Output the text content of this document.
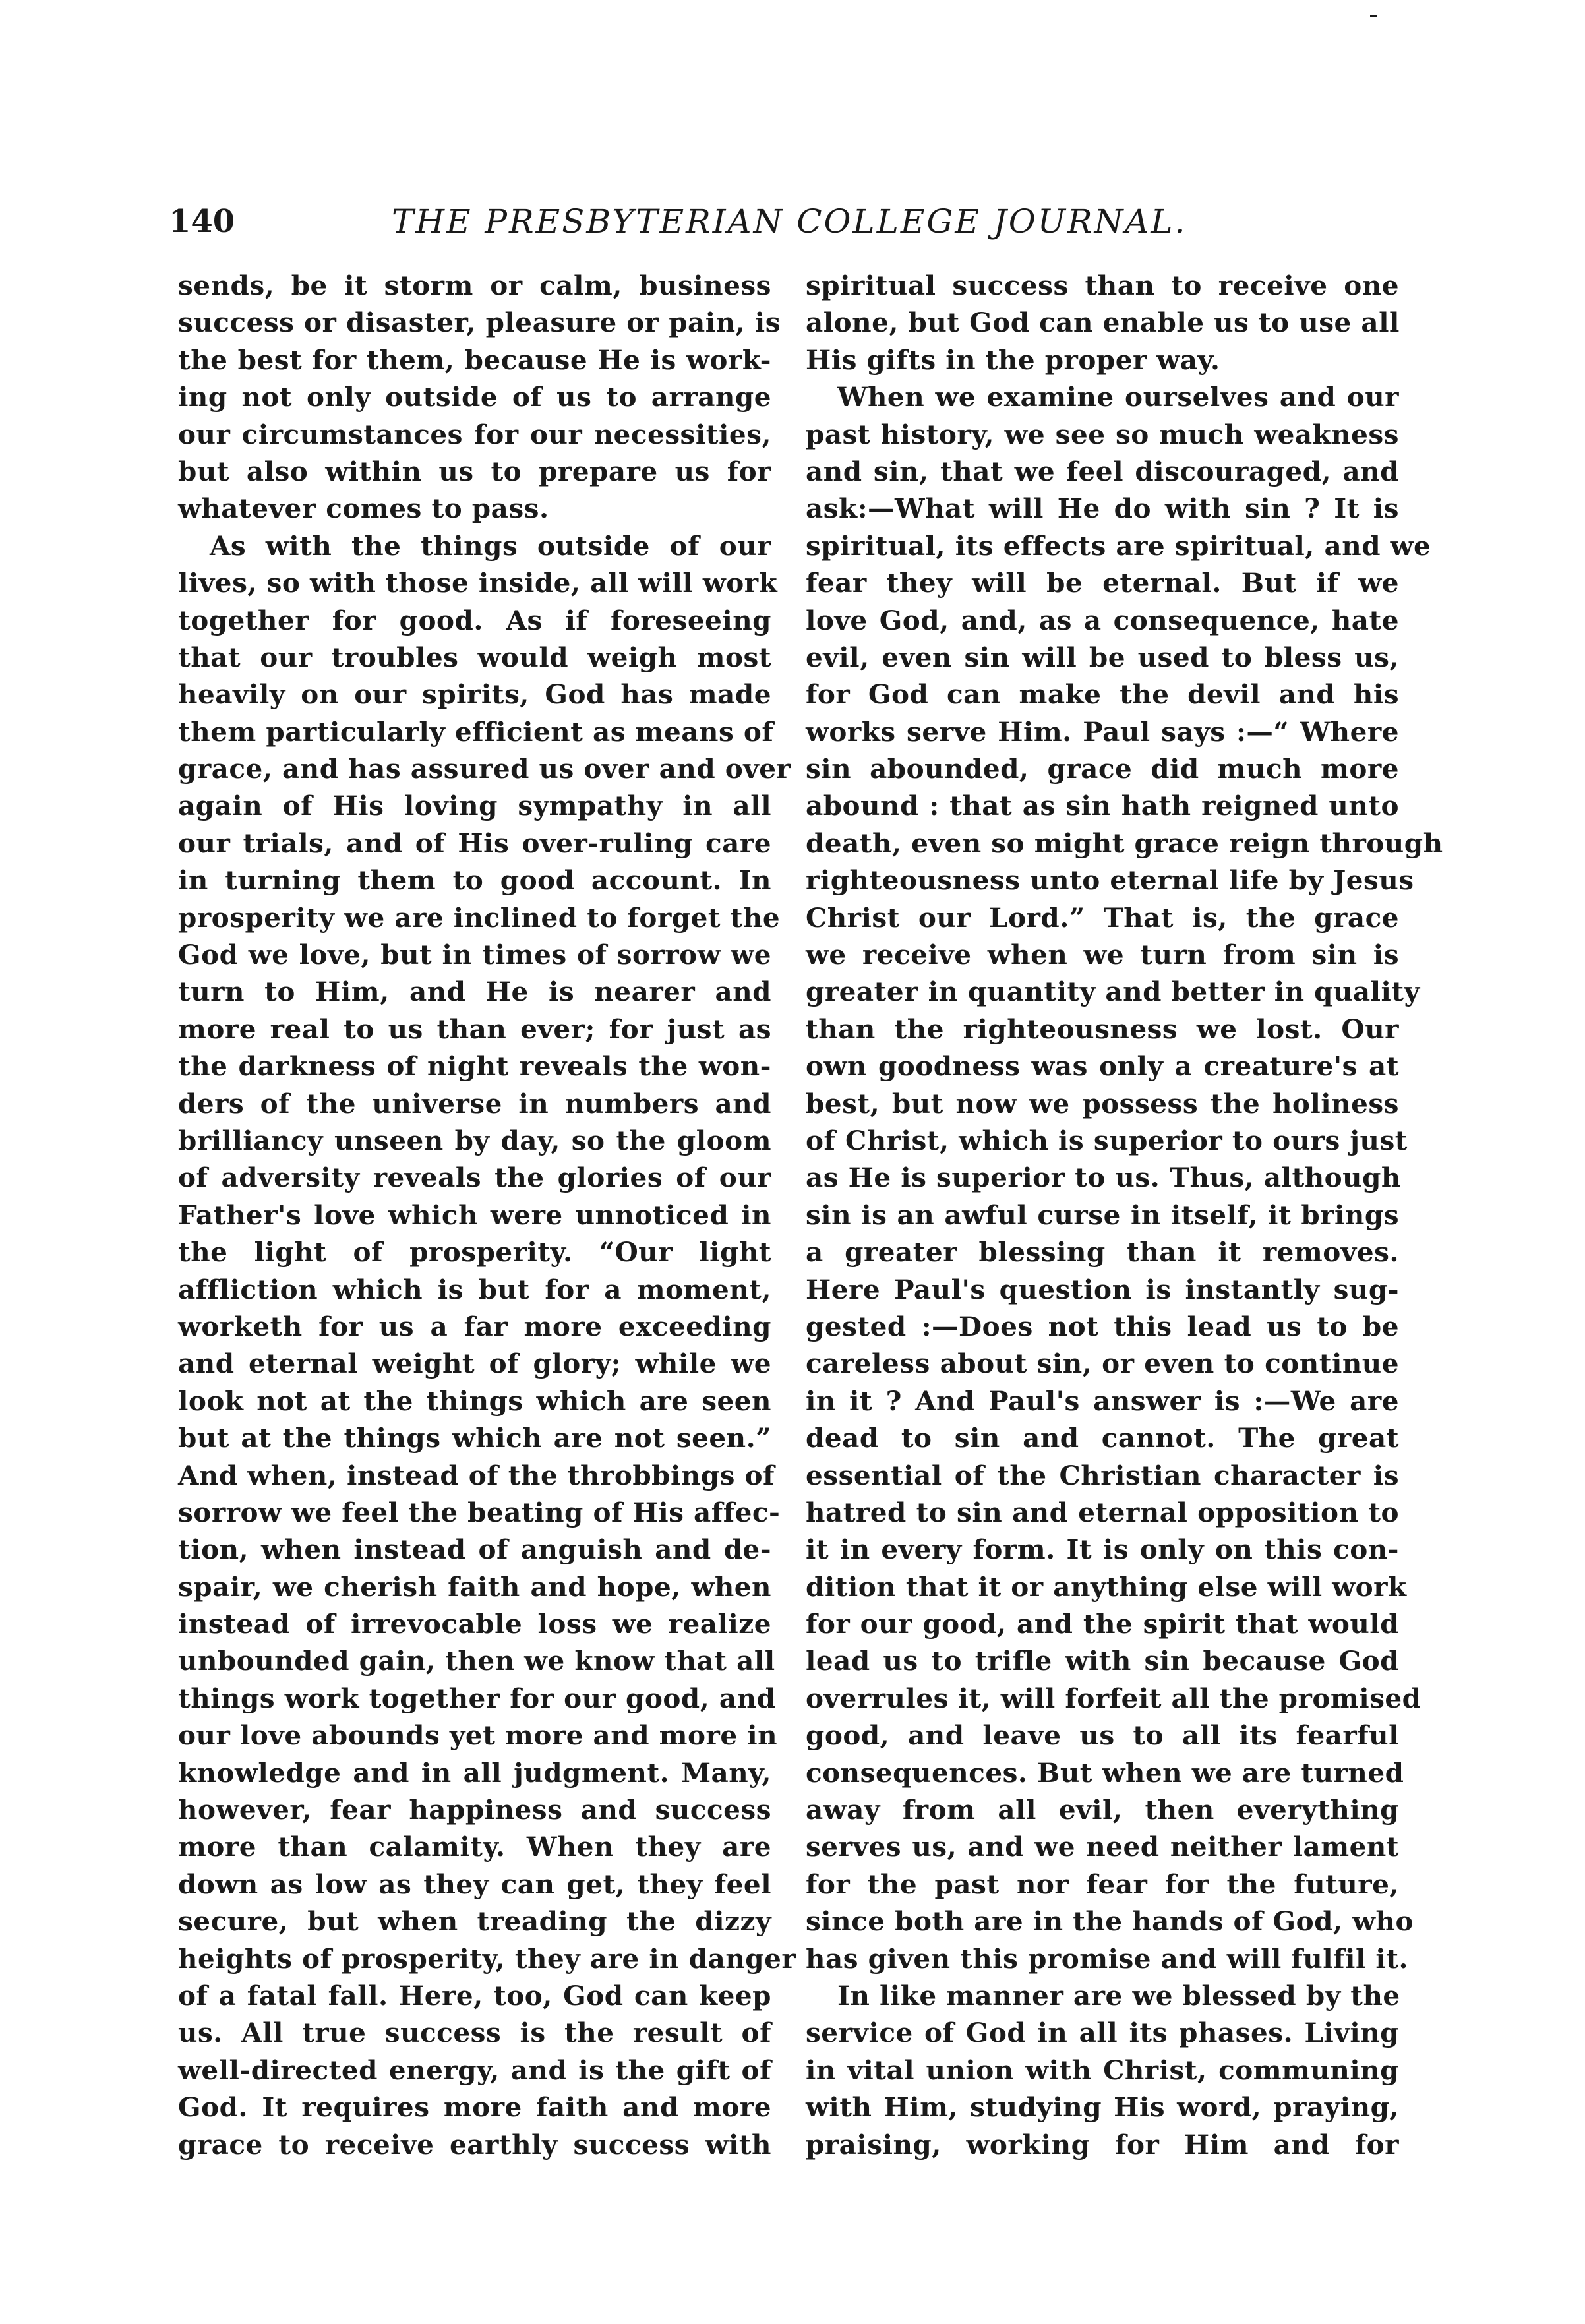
140	THE PRESBYTERIAN COLLEGE JOURNAL.
sends, be it storm or calm, business
success or disaster, pleasure or pain, is
the best for them, because He is work-
ing not only outside of us to arrange
our circumstances for our necessities,
but also within us to prepare us for
whatever comes to pass.
As with the things outside of our
lives, so with those inside, all will work
together for good. As if foreseeing
that our troubles would weigh most
heavily on our spirits, God has made
them particularly efficient as means of
grace, and has assured us over and over
again of His loving sympathy in all
our trials, and of His over-ruling care
in turning them to good account. In
prosperity we are inclined to forget the
God we love, but in times of sorrow we
turn to Him, and He is nearer and
more real to us than ever; for just as
the darkness of night reveals the won-
ders of the universe in numbers and
brilliancy unseen by day, so the gloom
of adversity reveals the glories of our
Father's love which were unnoticed in
the light of prosperity. “Our light
affliction which is but for a moment,
worketh for us a far more exceeding
and eternal weight of glory; while we
look not at the things which are seen
but at the things which are not seen.”
And when, instead of the throbbings of
sorrow we feel the beating of His affec-
tion, when instead of anguish and de-
spair, we cherish faith and hope, when
instead of irrevocable loss we realize
unbounded gain, then we know that all
things work together for our good, and
our love abounds yet more and more in
knowledge and in all judgment. Many,
however, fear happiness and success
more than calamity. When they are
down as low as they can get, they feel
secure, but when treading the dizzy
heights of prosperity, they are in danger
of a fatal fall. Here, too, God can keep
us. All true success is the result of
well-directed energy, and is the gift of
God. It requires more faith and more
grace to receive earthly success with
spiritual success than to receive one
alone, but God can enable us to use all
His gifts in the proper way.
When we examine ourselves and our
past history, we see so much weakness
and sin, that we feel discouraged, and
ask:—What will He do with sin ? It is
spiritual, its effects are spiritual, and we
fear they will be eternal. But if we
love God, and, as a consequence, hate
evil, even sin will be used to bless us,
for God can make the devil and his
works serve Him. Paul says :—“ Where
sin abounded, grace did much more
abound : that as sin hath reigned unto
death, even so might grace reign through
righteousness unto eternal life by Jesus
Christ our Lord.” That is, the grace
we receive when we turn from sin is
greater in quantity and better in quality
than the righteousness we lost. Our
own goodness was only a creature's at
best, but now we possess the holiness
of Christ, which is superior to ours just
as He is superior to us. Thus, although
sin is an awful curse in itself, it brings
a greater blessing than it removes.
Here Paul's question is instantly sug-
gested :—Does not this lead us to be
careless about sin, or even to continue
in it ? And Paul's answer is :—We are
dead to sin and cannot. The great
essential of the Christian character is
hatred to sin and eternal opposition to
it in every form. It is only on this con-
dition that it or anything else will work
for our good, and the spirit that would
lead us to trifle with sin because God
overrules it, will forfeit all the promised
good, and leave us to all its fearful
consequences. But when we are turned
away from all evil, then everything
serves us, and we need neither lament
for the past nor fear for the future,
since both are in the hands of God, who
has given this promise and will fulfil it.
In like manner are we blessed by the
service of God in all its phases. Living
in vital union with Christ, communing
with Him, studying His word, praying,
praising, working for Him and for
